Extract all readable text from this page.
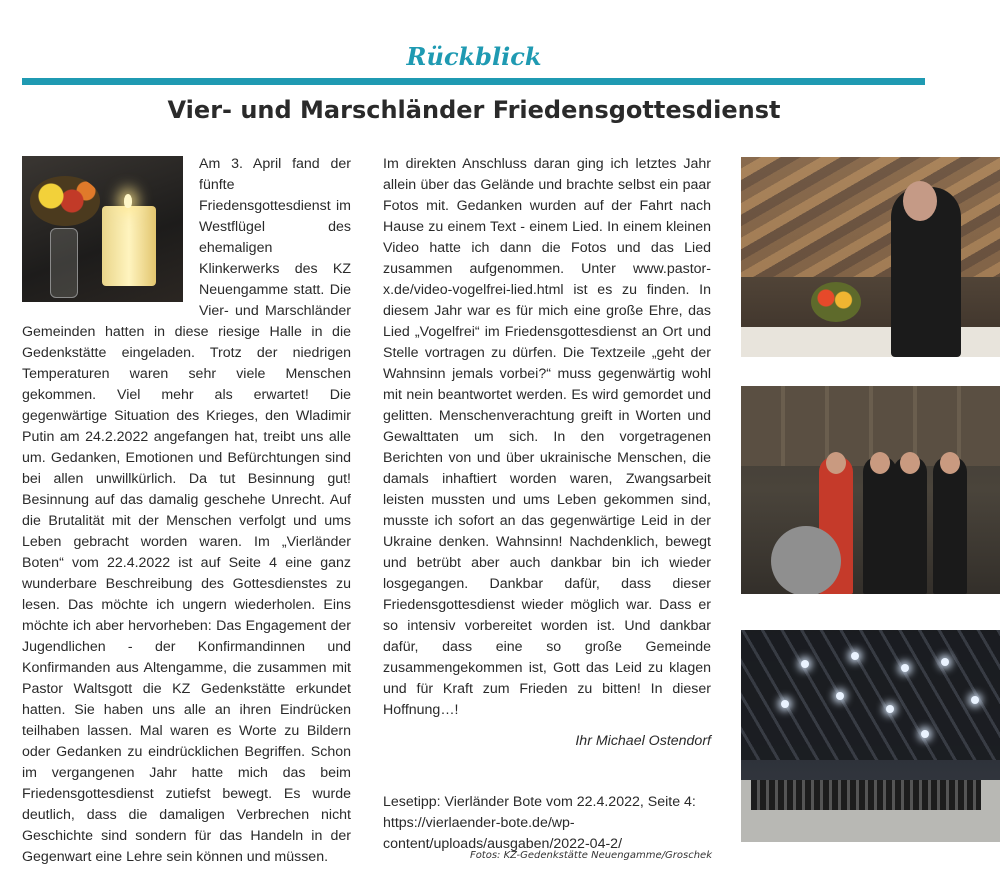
Rückblick
Vier- und Marschländer Friedensgottesdienst

Am 3. April fand der fünfte Friedensgottesdienst im Westflügel des ehemaligen Klinkerwerks des KZ Neuengamme statt. Die Vier- und Marschländer Gemeinden hatten in diese riesige Halle in die Gedenkstätte eingeladen. Trotz der niedrigen Temperaturen waren sehr viele Menschen gekommen. Viel mehr als erwartet! Die gegenwärtige Situation des Krieges, den Wladimir Putin am 24.2.2022 angefangen hat, treibt uns alle um. Gedanken, Emotionen und Befürchtungen sind bei allen unwillkürlich. Da tut Besinnung gut! Besinnung auf das damalig geschehe Unrecht. Auf die Brutalität mit der Menschen verfolgt und ums Leben gebracht worden waren. Im „Vierländer Boten“ vom 22.4.2022 ist auf Seite 4 eine ganz wunderbare Beschreibung des Gottesdienstes zu lesen. Das möchte ich ungern wiederholen. Eins möchte ich aber hervorheben: Das Engagement der Jugendlichen - der Konfirmandinnen und Konfirmanden aus Altengamme, die zusammen mit Pastor Waltsgott die KZ Gedenkstätte erkundet hatten. Sie haben uns alle an ihren Eindrücken teilhaben lassen. Mal waren es Worte zu Bildern oder Gedanken zu eindrücklichen Begriffen. Schon im vergangenen Jahr hatte mich das beim Friedensgottesdienst zutiefst bewegt. Es wurde deutlich, dass die damaligen Verbrechen nicht Geschichte sind sondern für das Handeln in der Gegenwart eine Lehre sein können und müssen.

Im direkten Anschluss daran ging ich letztes Jahr allein über das Gelände und brachte selbst ein paar Fotos mit. Gedanken wurden auf der Fahrt nach Hause zu einem Text - einem Lied. In einem kleinen Video hatte ich dann die Fotos und das Lied zusammen aufgenommen. Unter www.pastor-x.de/video-vogelfrei-lied.html ist es zu finden. In diesem Jahr war es für mich eine große Ehre, das Lied „Vogelfrei“ im Friedensgottesdienst an Ort und Stelle vortragen zu dürfen. Die Textzeile „geht der Wahnsinn jemals vorbei?“ muss gegenwärtig wohl mit nein beantwortet werden. Es wird gemordet und gelitten. Menschenverachtung greift in Worten und Gewalttaten um sich. In den vorgetragenen Berichten von und über ukrainische Menschen, die damals inhaftiert worden waren, Zwangsarbeit leisten mussten und ums Leben gekommen sind, musste ich sofort an das gegenwärtige Leid in der Ukraine denken. Wahnsinn! Nachdenklich, bewegt und betrübt aber auch dankbar bin ich wieder losgegangen. Dankbar dafür, dass dieser Friedensgottesdienst wieder möglich war. Dass er so intensiv vorbereitet worden ist. Und dankbar dafür, dass eine so große Gemeinde zusammengekommen ist, Gott das Leid zu klagen und für Kraft zum Frieden zu bitten! In dieser Hoffnung…!

Ihr Michael Ostendorf

Lesetipp: Vierländer Bote vom 22.4.2022, Seite 4: https://vierlaender-bote.de/wp-content/uploads/ausgaben/2022-04-2/

Fotos: KZ-Gedenkstätte Neuengamme/Groschek
